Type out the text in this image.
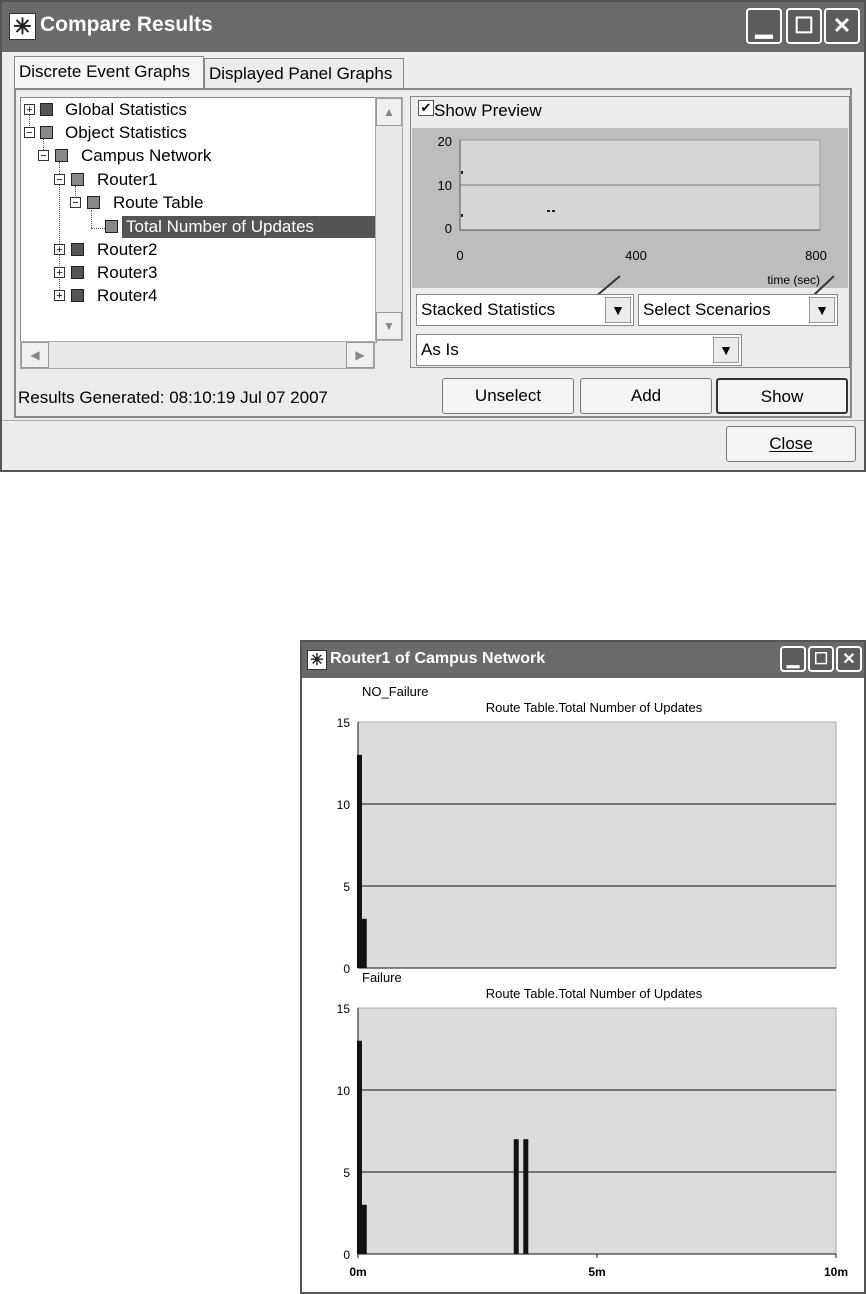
✳ Compare Results	▁ ☐ ✕
Discrete Event Graphs	Displayed Panel Graphs
+ Global Statistics
− Object Statistics
− Campus Network
− Router1
− Route Table
Total Number of Updates
+ Router2
+ Router3
+ Router4
▲
▼
◀	▶
✔ Show Preview
20
10
0
0	400	800
time (sec)
Stacked Statistics	▼	Select Scenarios	▼
As Is	▼
Results Generated: 08:10:19 Jul 07 2007	Unselect	Add	Show
Close
✳ Router1 of Campus Network	▁ ☐ ✕
NO_Failure
Route Table.Total Number of Updates
15
10
5
0
Failure
Route Table.Total Number of Updates
15
10
5
0
0m	5m	10m
